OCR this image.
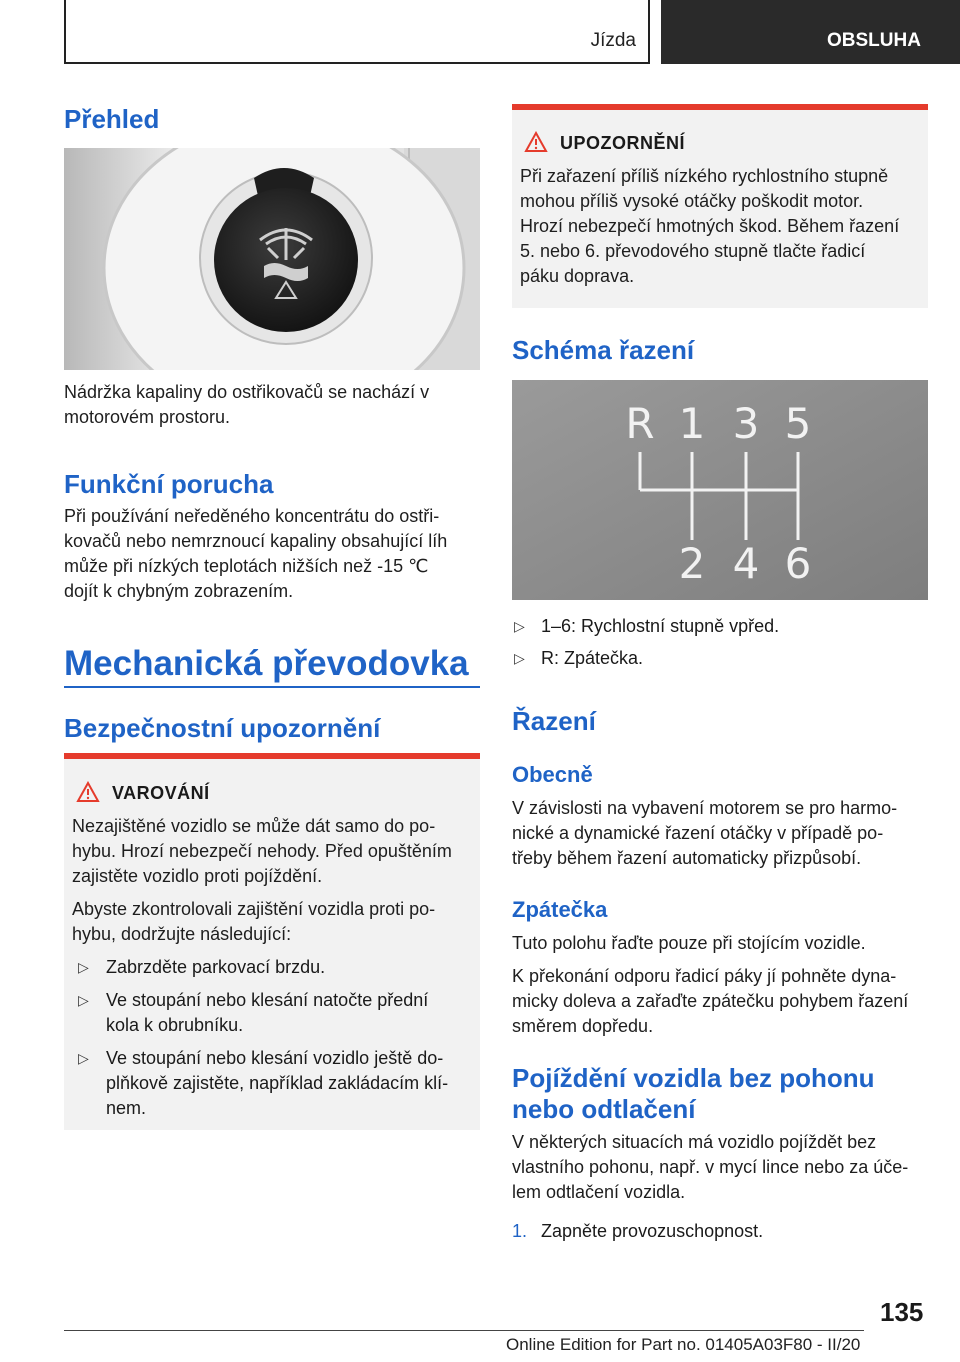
Jízda	OBSLUHA
Přehled

Nádržka kapaliny do ostřikovačů se nachází v

motorovém prostoru.

Funkční porucha

Při používání neředěného koncentrátu do ostři-

kovačů nebo nemrznoucí kapaliny obsahující líh

může při nízkých teplotách nižších než -15 ℃

dojít k chybným zobrazením.

Mechanická převodovka
Bezpečnostní upozornění
VAROVÁNÍ

Nezajištěné vozidlo se může dát samo do po-

hybu. Hrozí nebezpečí nehody. Před opuštěním

zajistěte vozidlo proti pojíždění.

Abyste zkontrolovali zajištění vozidla proti po-

hybu, dodržujte následující:

▷ Zabrzděte parkovací brzdu.
▷ Ve stoupání nebo klesání natočte přední
kola k obrubníku.
▷ Ve stoupání nebo klesání vozidlo ještě do-
plňkově zajistěte, například zakládacím klí-
nem.
UPOZORNĚNÍ

Při zařazení příliš nízkého rychlostního stupně

mohou příliš vysoké otáčky poškodit motor.

Hrozí nebezpečí hmotných škod. Během řazení

5. nebo 6. převodového stupně tlačte řadicí

páku doprava.

Schéma řazení
R 1 3 5
2 4 6
▷ 1–6: Rychlostní stupně vpřed.
▷ R: Zpátečka.
Řazení
Obecně

V závislosti na vybavení motorem se pro harmo-

nické a dynamické řazení otáčky v případě po-

třeby během řazení automaticky přizpůsobí.

Zpátečka

Tuto polohu řaďte pouze při stojícím vozidle.

K překonání odporu řadicí páky jí pohněte dyna-

micky doleva a zařaďte zpátečku pohybem řazení

směrem dopředu.

Pojíždění vozidla bez pohonu
nebo odtlačení

V některých situacích má vozidlo pojíždět bez

vlastního pohonu, např. v mycí lince nebo za úče-

lem odtlačení vozidla.

1. Zapněte provozuschopnost.
135
Online Edition for Part no. 01405A03F80 - II/20
